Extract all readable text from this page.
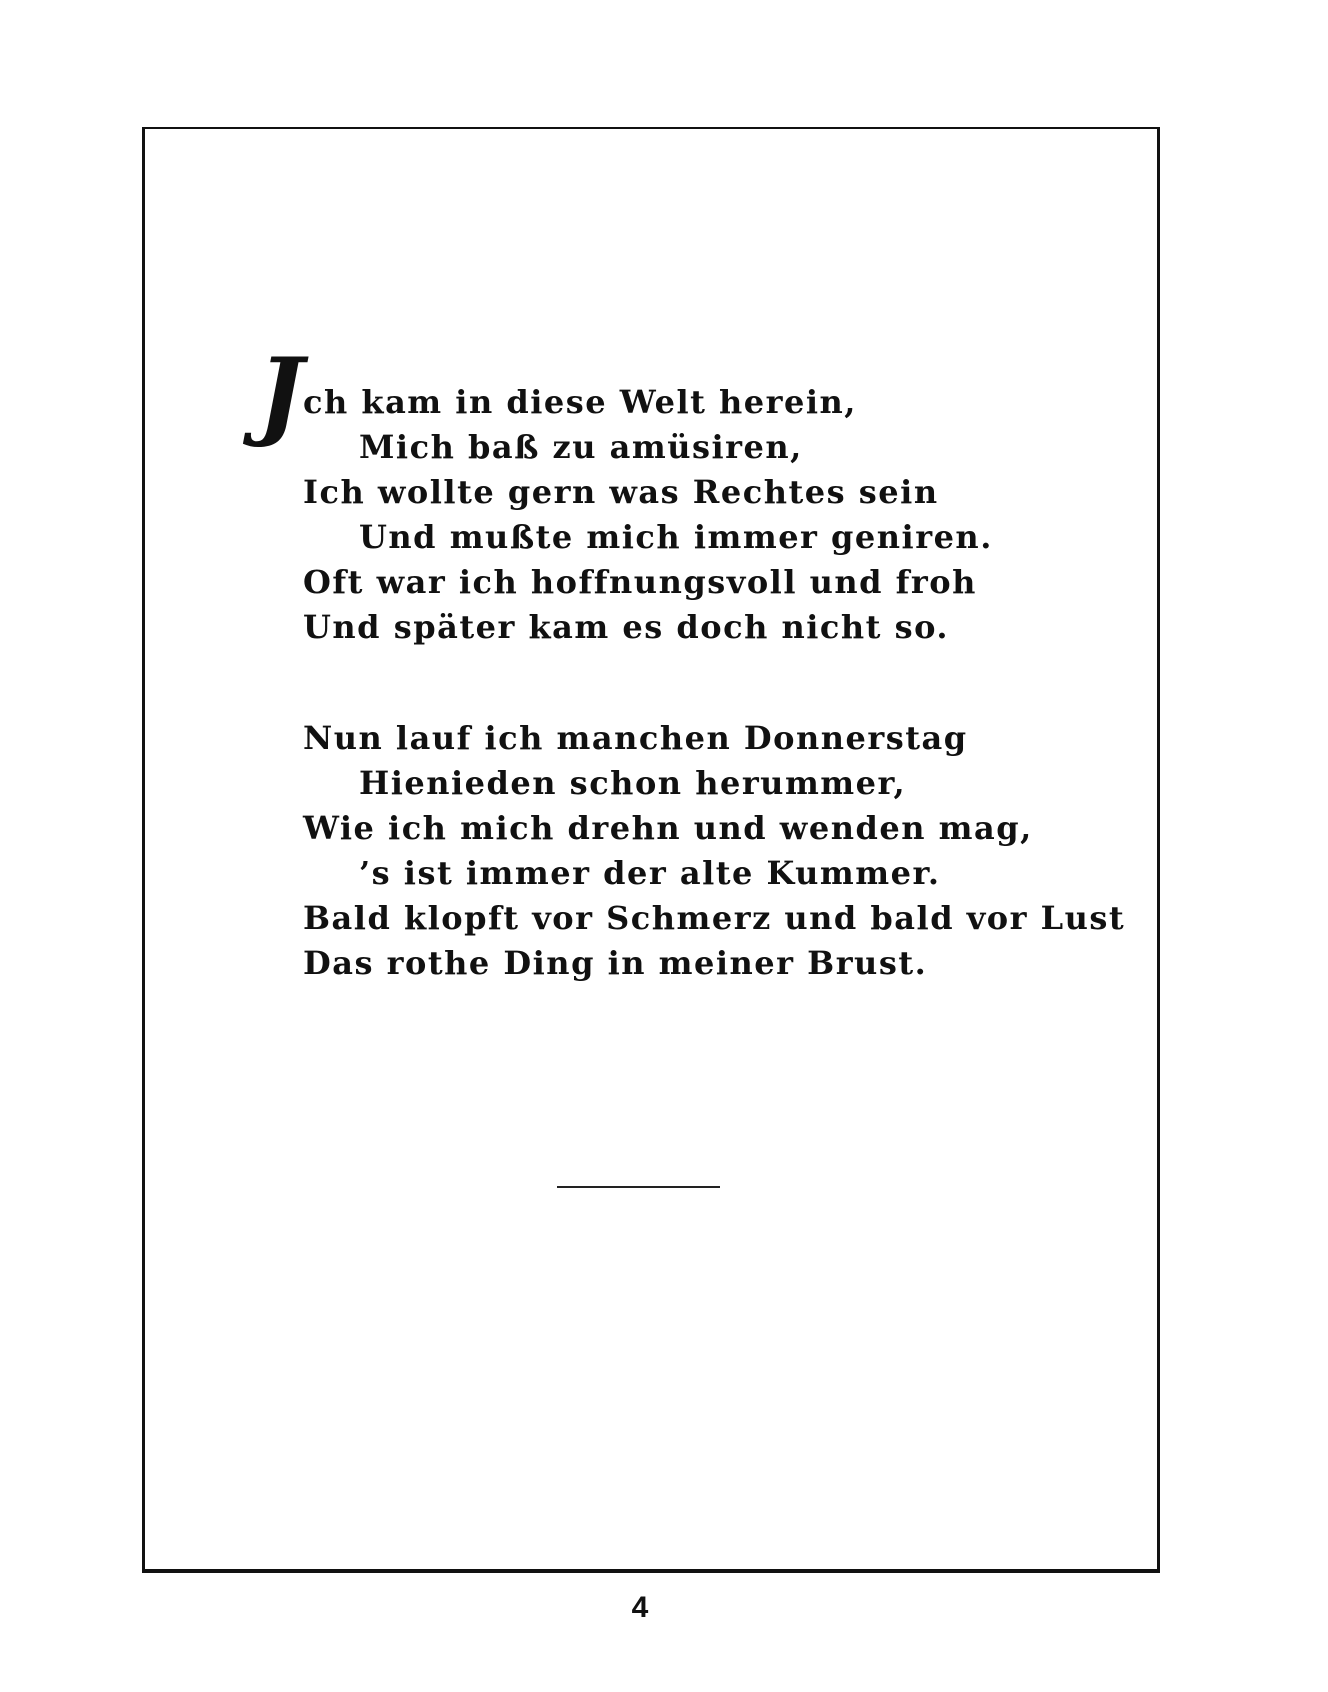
J
ch kam in diese Welt herein,
Mich baß zu amüsiren,
Ich wollte gern was Rechtes sein
Und mußte mich immer geniren.
Oft war ich hoffnungsvoll und froh
Und später kam es doch nicht so.
Nun lauf ich manchen Donnerstag
Hienieden schon herummer,
Wie ich mich drehn und wenden mag,
’s ist immer der alte Kummer.
Bald klopft vor Schmerz und bald vor Lust
Das rothe Ding in meiner Brust.
4
